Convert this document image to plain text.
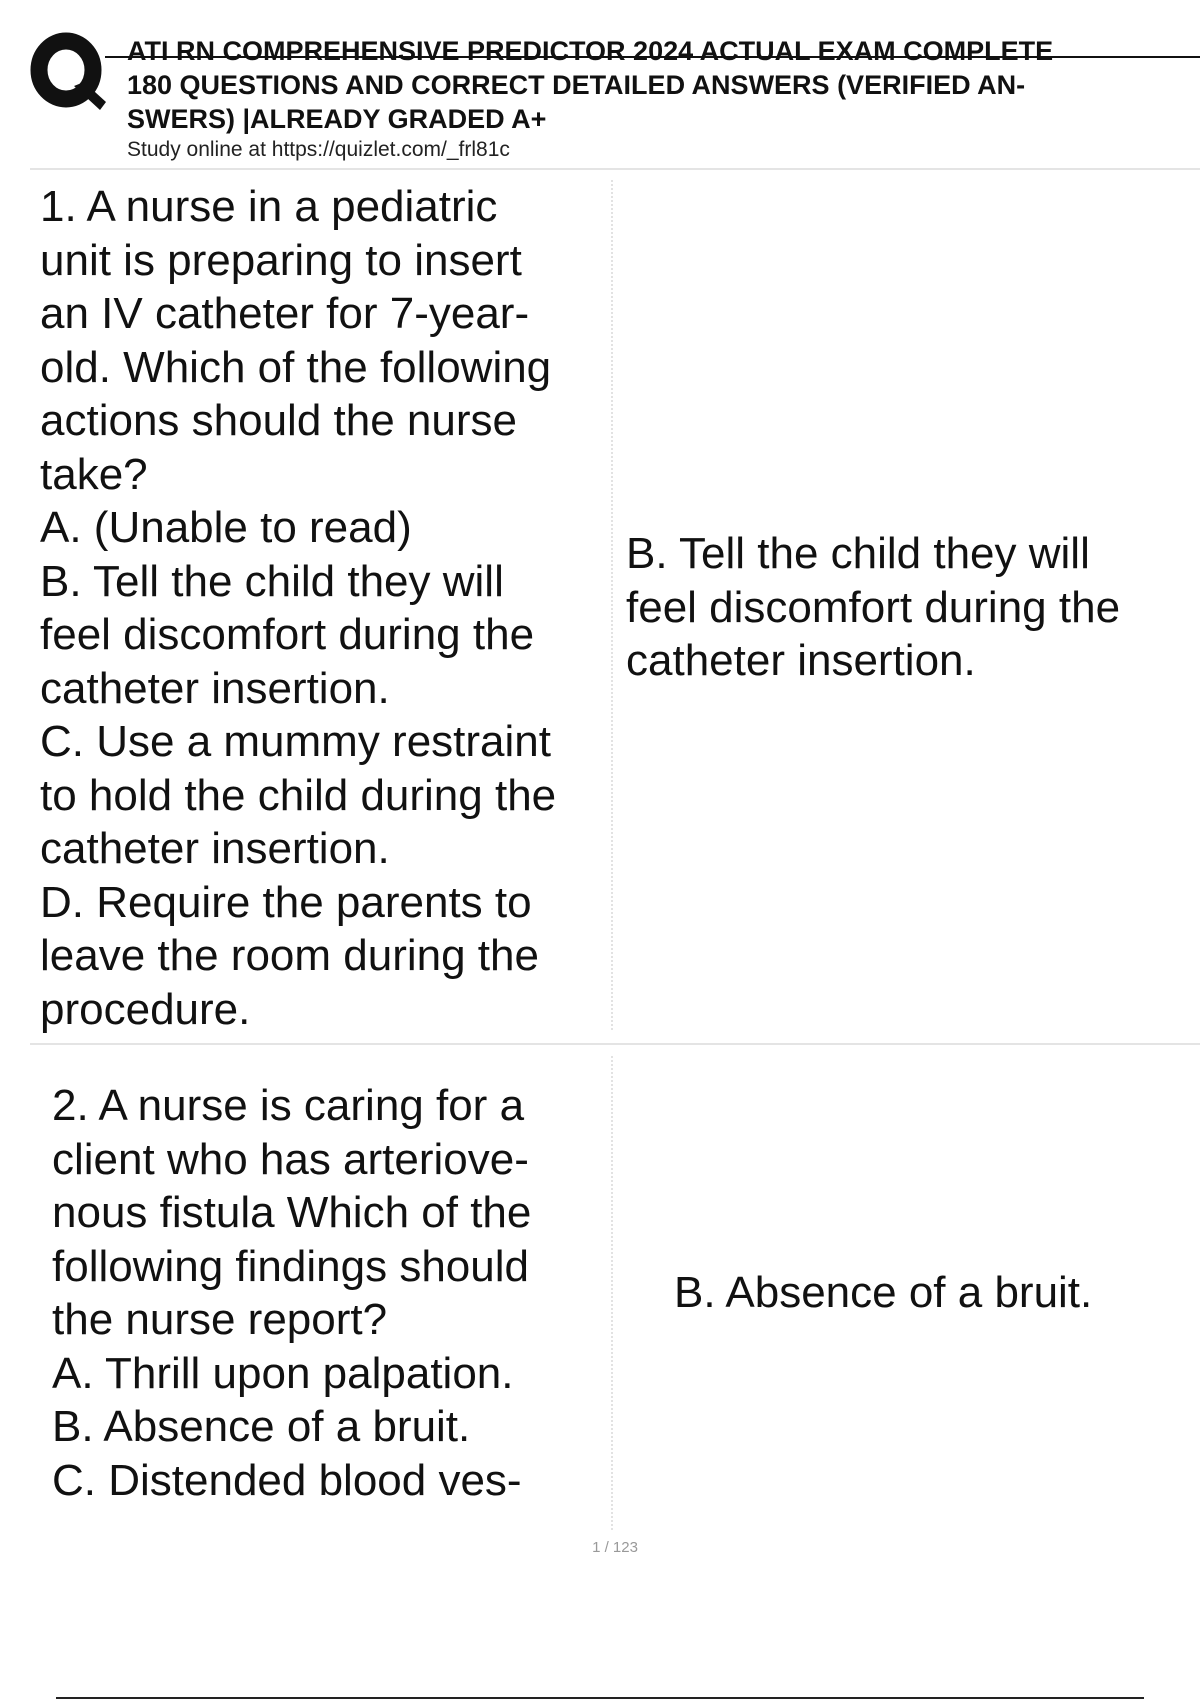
ATI RN COMPREHENSIVE PREDICTOR 2024 ACTUAL EXAM COMPLETE
180 QUESTIONS AND CORRECT DETAILED ANSWERS (VERIFIED AN-
SWERS) |ALREADY GRADED A+
Study online at https://quizlet.com/_frl81c
1. A nurse in a pediatric
unit is preparing to insert
an IV catheter for 7-year-
old. Which of the following
actions should the nurse
take?
A. (Unable to read)
B. Tell the child they will
feel discomfort during the
catheter insertion.
C. Use a mummy restraint
to hold the child during the
catheter insertion.
D. Require the parents to
leave the room during the
procedure.
B. Tell the child they will
feel discomfort during the
catheter insertion.
2. A nurse is caring for a
client who has arteriove-
nous fistula Which of the
following findings should
the nurse report?
A. Thrill upon palpation.
B. Absence of a bruit.
C. Distended blood ves-
B. Absence of a bruit.
1 / 123
